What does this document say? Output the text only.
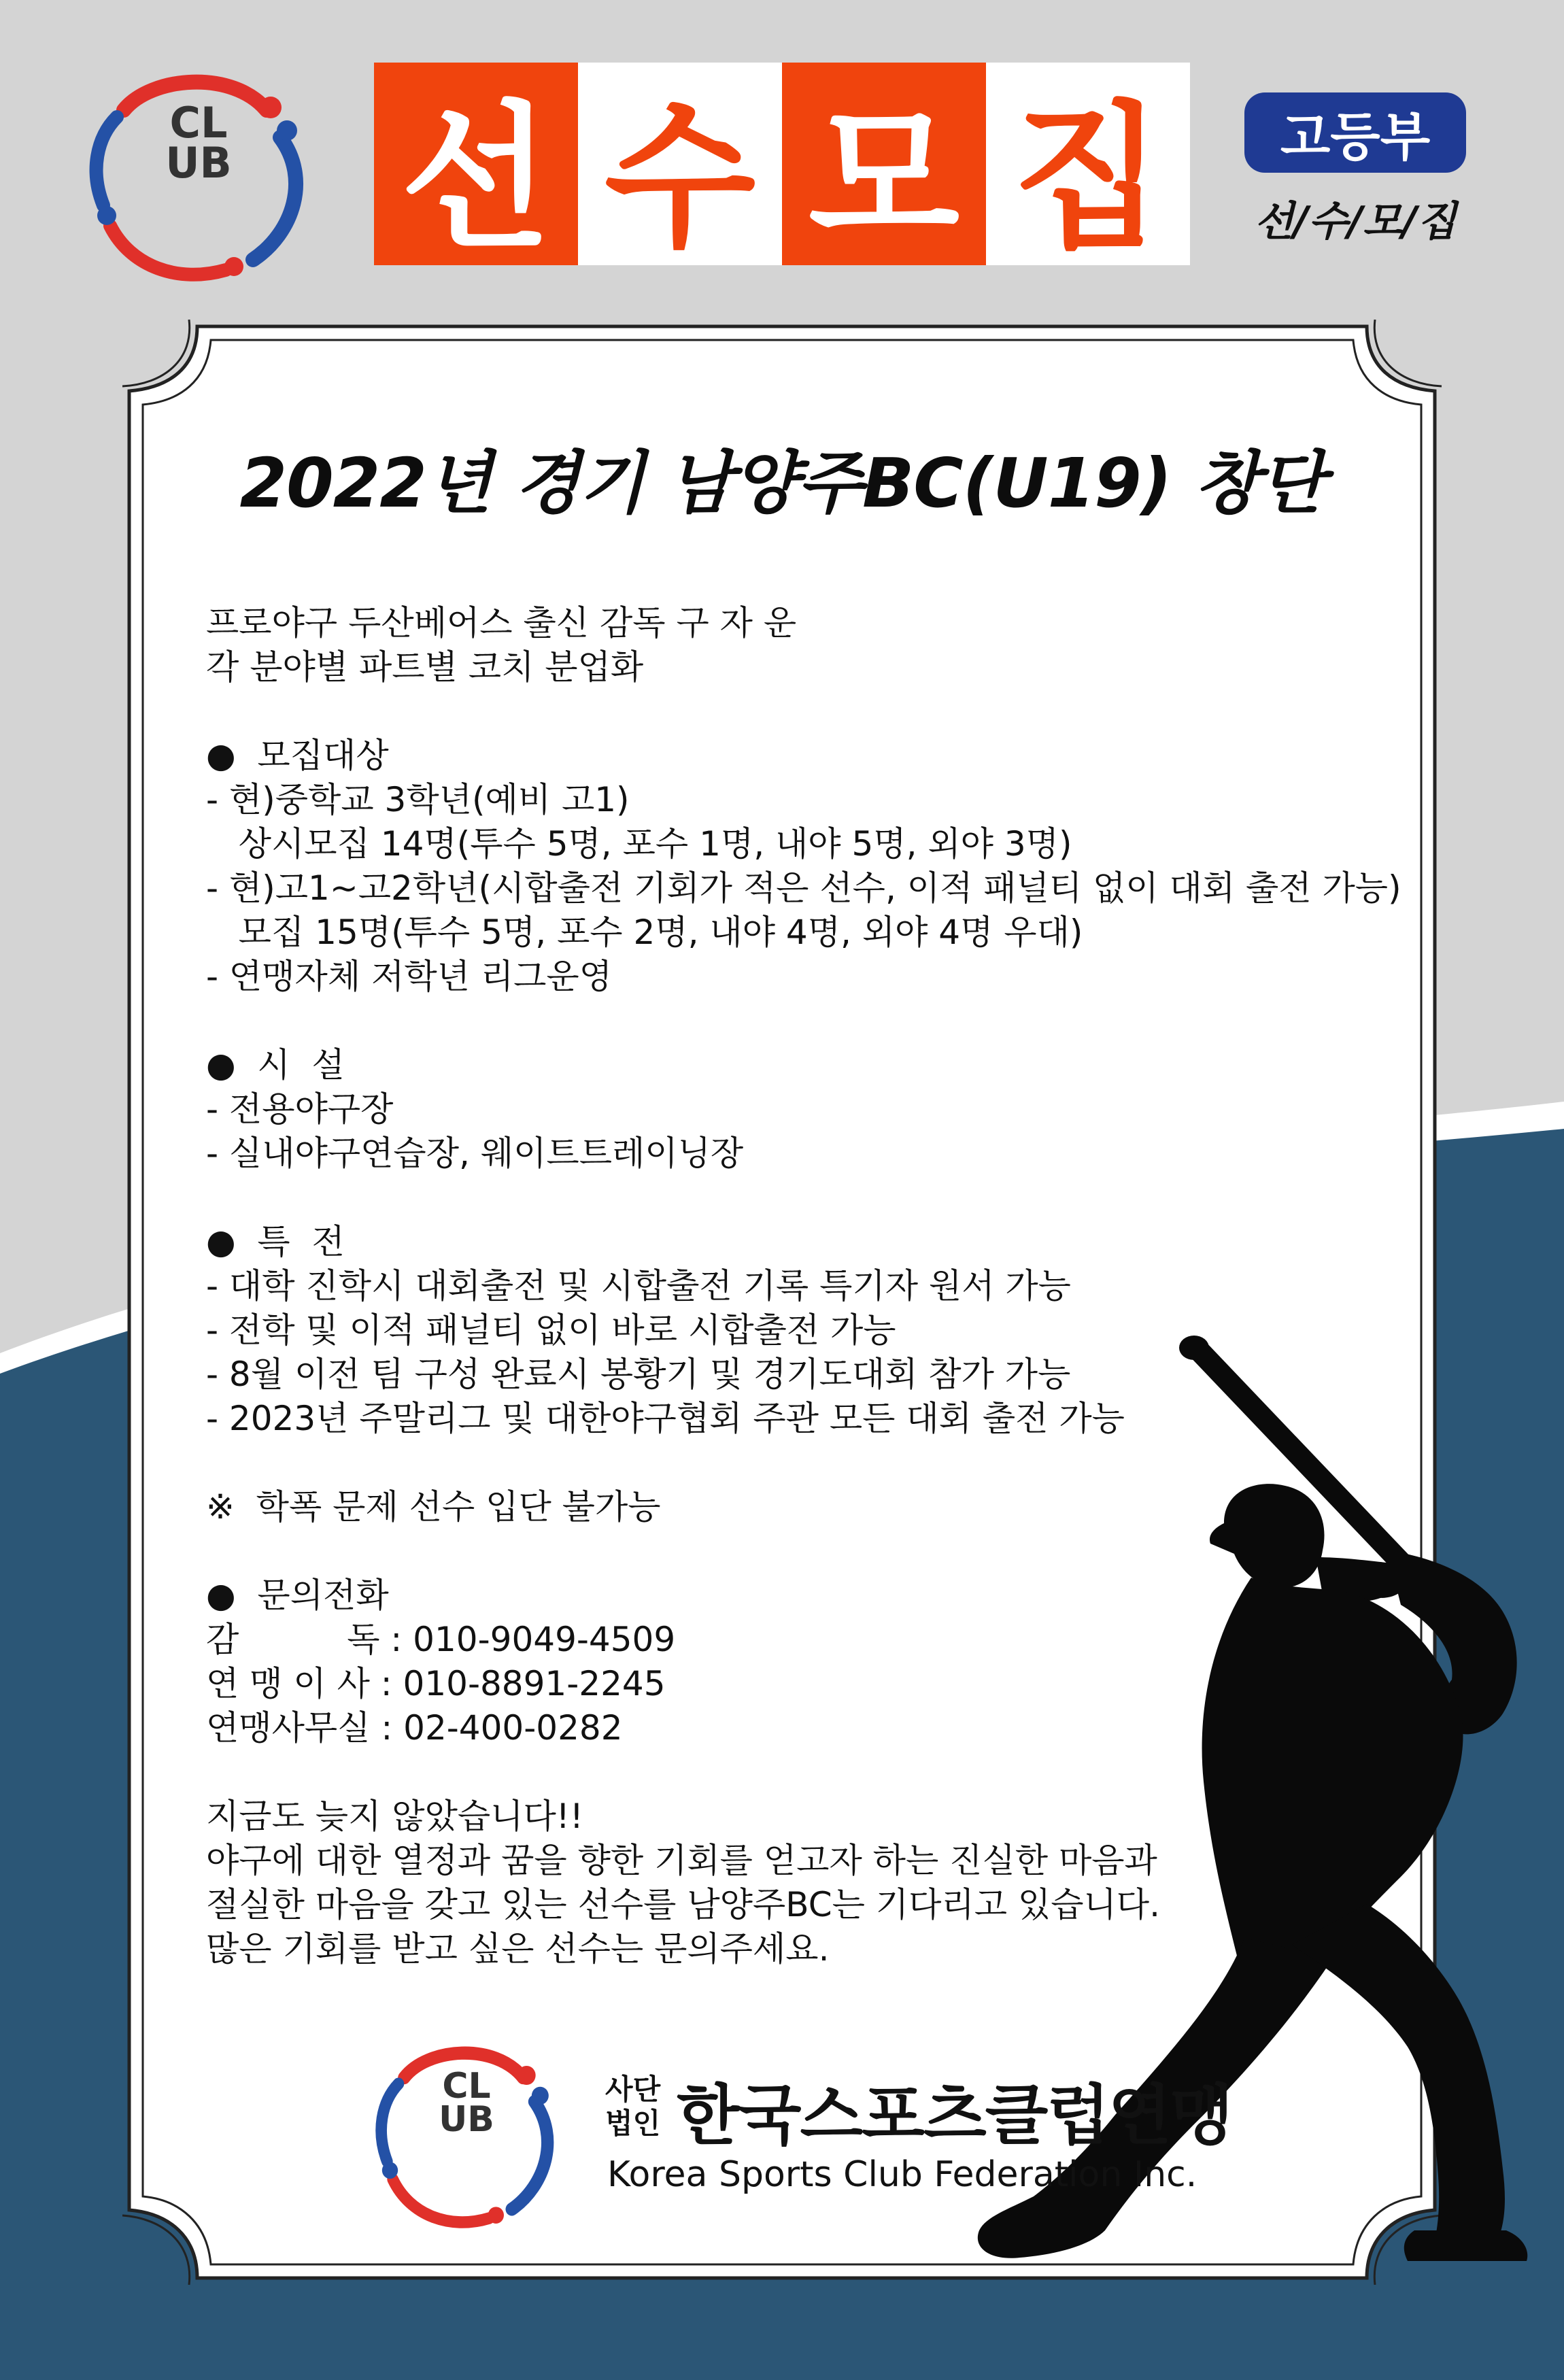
CL
UB 선 수 모 집	고등부
선/수/모/집
2022년 경기 남양주BC(U19) 창단
프로야구 두산베어스 출신 감독 구 자 운
각 분야별 파트별 코치 분업화
●  모집대상
- 현)중학교 3학년(예비 고1)
상시모집 14명(투수 5명, 포수 1명, 내야 5명, 외야 3명)
- 현)고1~고2학년(시합출전 기회가 적은 선수, 이적 패널티 없이 대회 출전 가능)
모집 15명(투수 5명, 포수 2명, 내야 4명, 외야 4명 우대)
- 연맹자체 저학년 리그운영
●  시  설
- 전용야구장
- 실내야구연습장, 웨이트트레이닝장
●  특  전
- 대학 진학시 대회출전 및 시합출전 기록 특기자 원서 가능
- 전학 및 이적 패널티 없이 바로 시합출전 가능
- 8월 이전 팀 구성 완료시 봉황기 및 경기도대회 참가 가능
- 2023년 주말리그 및 대한야구협회 주관 모든 대회 출전 가능
※  학폭 문제 선수 입단 불가능
●  문의전화
감          독 : 010-9049-4509
연 맹 이 사 : 010-8891-2245
연맹사무실 : 02-400-0282
지금도 늦지 않았습니다!!
야구에 대한 열정과 꿈을 향한 기회를 얻고자 하는 진실한 마음과
절실한 마음을 갖고 있는 선수를 남양주BC는 기다리고 있습니다.
많은 기회를 받고 싶은 선수는 문의주세요.
CL
UB
사단
법인 한국스포츠클럽연맹
Korea Sports Club Federation Inc.
